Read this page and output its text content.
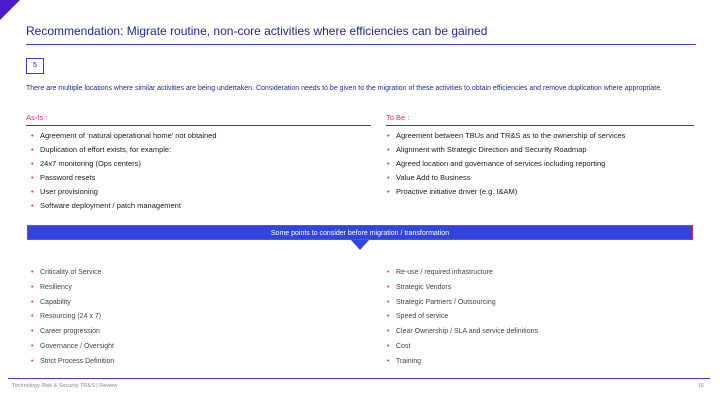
Recommendation: Migrate routine, non-core activities where efficiencies can be gained
5
There are multiple locations where similar activities are being undertaken. Consideration needs to be given to the migration of these activities to obtain efficiencies and remove duplication where appropriate.
As-Is :	To Be :
• Agreement of ‘natural operational home’ not obtained
• Duplication of effort exists, for example:
• 24x7 monitoring (Ops centers)
• Password resets
• User provisioning
• Software deployment / patch management
• Agreement between TBUs and TR&S as to the ownership of services
• Alignment with Strategic Direction and Security Roadmap
• Agreed location and governance of services including reporting
• Value Add to Business
• Proactive initiative driver (e.g. I&AM)
Some points to consider before migration / transformation
• Criticality of Service
• Resiliency
• Capability
• Resourcing (24 x 7)
• Career progression
• Governance / Oversight
• Strict Process Definition
• Re-use / required infrastructure
• Strategic Vendors
• Strategic Partners / Outsourcing
• Speed of service
• Clear Ownership / SLA and service definitions
• Cost
• Training
Technology Risk & Security TR&S | Review	16
